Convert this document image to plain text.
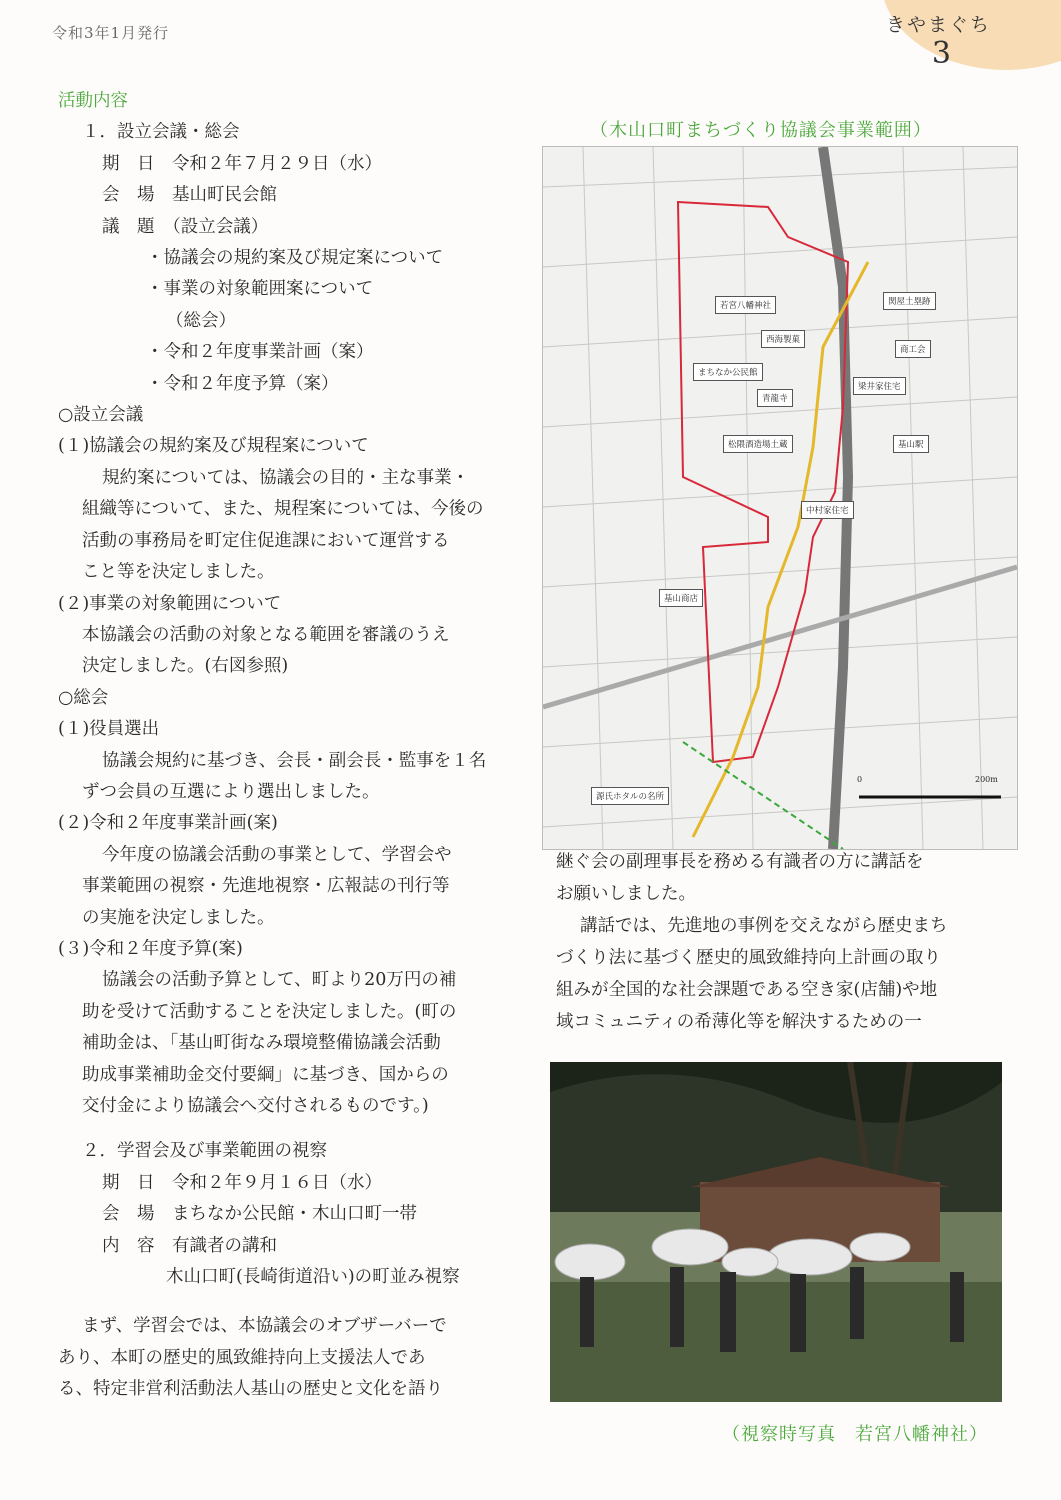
令和3年1月発行	きやまぐち
3

活動内容

１．設立会議・総会

期　日　令和２年７月２９日（水）

会　場　基山町民会館

議　題　（設立会議）

・協議会の規約案及び規定案について

・事業の対象範囲案について

（総会）

・令和２年度事業計画（案）

・令和２年度予算（案）

○設立会議

(１)協議会の規約案及び規程案について

規約案については、協議会の目的・主な事業・

組織等について、また、規程案については、今後の

活動の事務局を町定住促進課において運営する

こと等を決定しました。

(２)事業の対象範囲について

本協議会の活動の対象となる範囲を審議のうえ

決定しました。(右図参照)

○総会

(１)役員選出

協議会規約に基づき、会長・副会長・監事を１名

ずつ会員の互選により選出しました。

(２)令和２年度事業計画(案)

今年度の協議会活動の事業として、学習会や

事業範囲の視察・先進地視察・広報誌の刊行等

の実施を決定しました。

(３)令和２年度予算(案)

協議会の活動予算として、町より20万円の補

助を受けて活動することを決定しました。(町の

補助金は、「基山町街なみ環境整備協議会活動

助成事業補助金交付要綱」に基づき、国からの

交付金により協議会へ交付されるものです。)

２．学習会及び事業範囲の視察

期　日　令和２年９月１６日（水）

会　場　まちなか公民館・木山口町一帯

内　容　有識者の講和

木山口町(長崎街道沿い)の町並み視察

まず、学習会では、本協議会のオブザーバーで

あり、本町の歴史的風致維持向上支援法人であ

る、特定非営利活動法人基山の歴史と文化を語り

（木山口町まちづくり協議会事業範囲）
若宮八幡神社
西海製菓
まちなか公民館
青龍寺
松隈酒造場土蔵
関屋土塁跡
商工会
梁井家住宅
基山駅
中村家住宅
基山商店
源氏ホタルの名所
0	200m

継ぐ会の副理事長を務める有識者の方に講話を

お願いしました。

講話では、先進地の事例を交えながら歴史まち

づくり法に基づく歴史的風致維持向上計画の取り

組みが全国的な社会課題である空き家(店舗)や地

域コミュニティの希薄化等を解決するための一

（視察時写真　若宮八幡神社）
